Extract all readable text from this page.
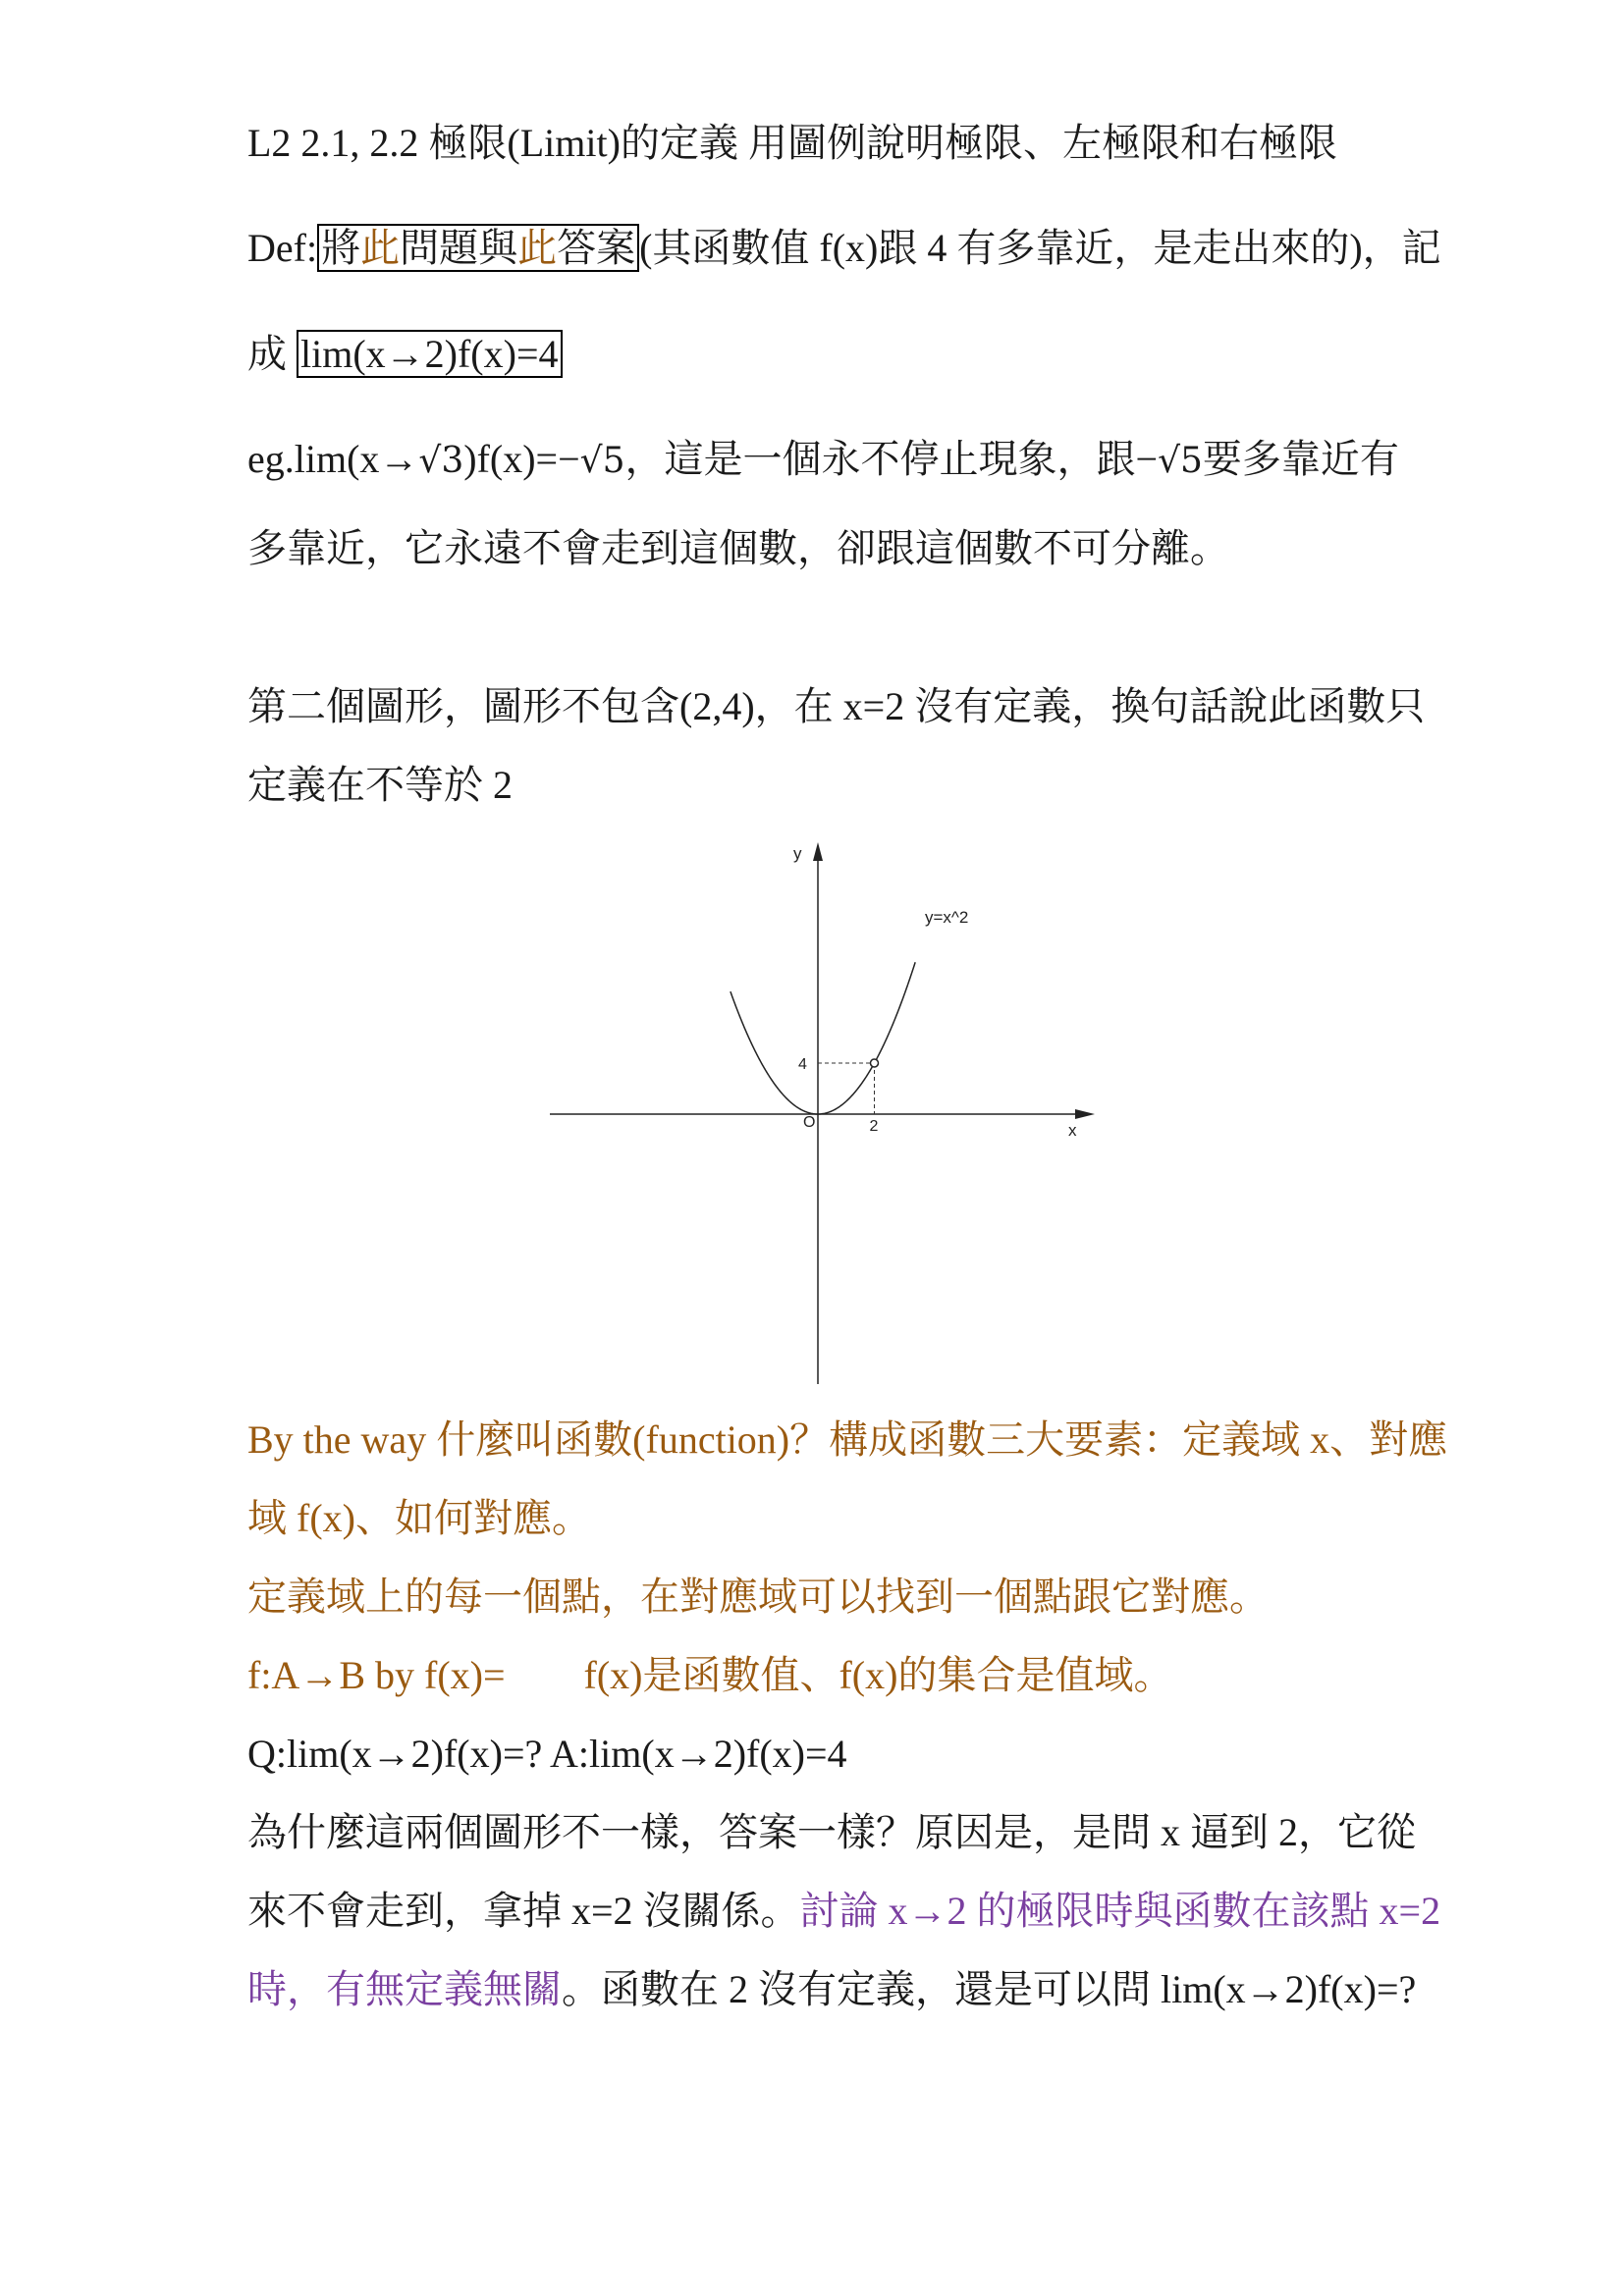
L2 2.1, 2.2 極限(Limit)的定義 用圖例說明極限、左極限和右極限
Def: 將此問題與此答案 (其函數值 f(x)跟 4 有多靠近，是走出來的)，記
成 lim(x→2)f(x)=4
eg.lim(x→√3)f(x)=−√5，這是一個永不停止現象，跟−√5要多靠近有
多靠近，它永遠不會走到這個數，卻跟這個數不可分離。
第二個圖形，圖形不包含(2,4)，在 x=2 沒有定義，換句話說此函數只
定義在不等於 2
y=x^2
y
x
O	2
4
By the way 什麼叫函數(function)？構成函數三大要素：定義域 x、對應
域 f(x)、如何對應。
定義域上的每一個點，在對應域可以找到一個點跟它對應。
f:A→B by f(x)= f(x)是函數值、f(x)的集合是值域。
Q:lim(x→2)f(x)=? A:lim(x→2)f(x)=4
為什麼這兩個圖形不一樣，答案一樣？原因是，是問 x 逼到 2，它從
來不會走到，拿掉 x=2 沒關係。討論 x→2 的極限時與函數在該點 x=2
時，有無定義無關。函數在 2 沒有定義，還是可以問 lim(x→2)f(x)=?
